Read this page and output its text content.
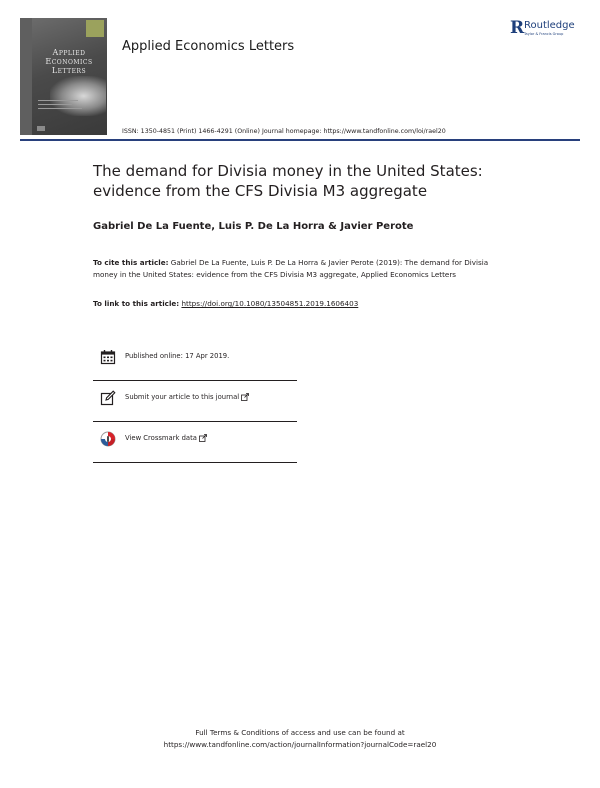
Applied Economics Letters
Applied Economics Letters
R Routledge
Taylor & Francis Group
ISSN: 1350-4851 (Print) 1466-4291 (Online) Journal homepage: https://www.tandfonline.com/loi/rael20
The demand for Divisia money in the United States: evidence from the CFS Divisia M3 aggregate
Gabriel De La Fuente, Luis P. De La Horra & Javier Perote
To cite this article: Gabriel De La Fuente, Luis P. De La Horra & Javier Perote (2019): The demand for Divisia money in the United States: evidence from the CFS Divisia M3 aggregate, Applied Economics Letters
To link to this article: https://doi.org/10.1080/13504851.2019.1606403
Published online: 17 Apr 2019.
Submit your article to this journal
View Crossmark data
Full Terms & Conditions of access and use can be found at
https://www.tandfonline.com/action/journalInformation?journalCode=rael20
